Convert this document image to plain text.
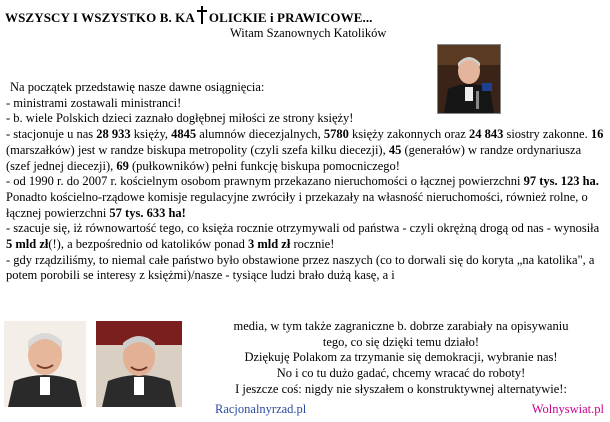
WSZYSCY I WSZYSTKO B. KA OLICKIE i PRAWICOWE...
Witam Szanownych Katolików

Na początek przedstawię nasze dawne osiągnięcia:

- ministrami zostawali ministranci!

- b. wiele Polskich dzieci zaznało dogłębnej miłości ze strony księży!

- stacjonuje u nas 28 933 księży, 4845 alumnów diecezjalnych, 5780 księży zakonnych oraz 24 843 siostry zakonne. 16 (marszałków) jest w randze biskupa metropolity (czyli szefa kilku diecezji), 45 (generałów) w randze ordynariusza (szef jednej diecezji), 69 (pułkowników) pełni funkcję biskupa pomocniczego!

- od 1990 r. do 2007 r. kościelnym osobom prawnym przekazano nieruchomości o łącznej powierzchni 97 tys. 123 ha. Ponadto kościelno-rządowe komisje regulacyjne zwróciły i przekazały na własność nieruchomości, również rolne, o łącznej powierzchni 57 tys. 633 ha!

- szacuje się, iż równowartość tego, co księża rocznie otrzymywali od państwa - czyli okrężną drogą od nas - wynosiła 5 mld zł(!), a bezpośrednio od katolików ponad 3 mld zł rocznie!

- gdy rządziliśmy, to niemal całe państwo było obstawione przez naszych (co to dorwali się do koryta „na katolika", a potem porobili se interesy z księżmi)/nasze - tysiące ludzi brało dużą kasę, a i

media, w tym także zagraniczne b. dobrze zarabiały na opisywaniu

tego, co się dzięki temu działo!

Dziękuję Polakom za trzymanie się demokracji, wybranie nas!

No i co tu dużo gadać, chcemy wracać do roboty!

I jeszcze coś: nigdy nie słyszałem o konstruktywnej alternatywie!:

Racjonalnyrzad.pl	Wolnyswiat.pl
